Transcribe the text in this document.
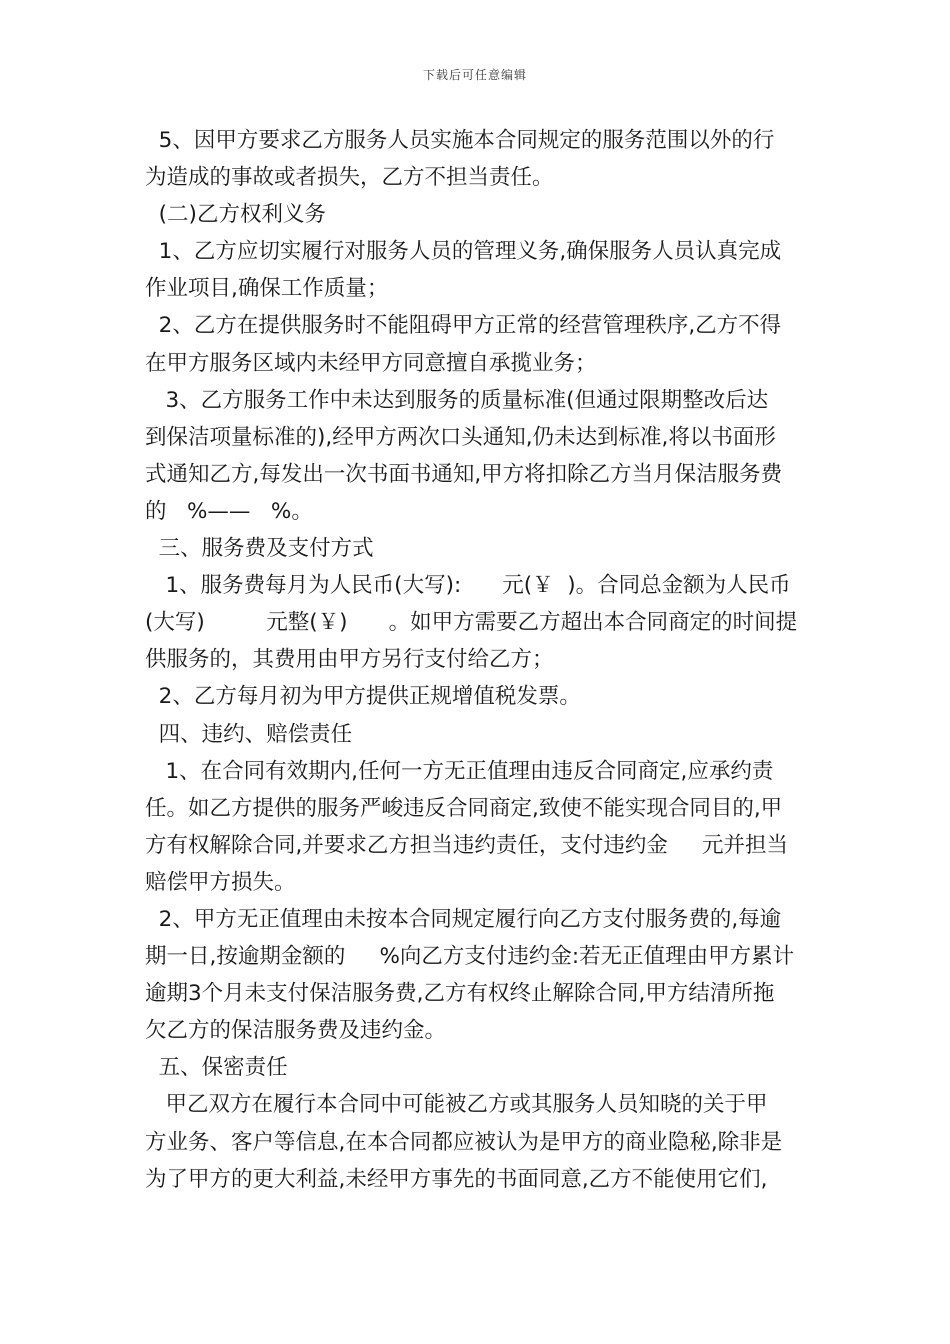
下载后可任意编辑
5、因甲方要求乙方服务人员实施本合同规定的服务范围以外的行
为造成的事故或者损失，乙方不担当责任。
(二)乙方权利义务
1、乙方应切实履行对服务人员的管理义务,确保服务人员认真完成
作业项目,确保工作质量；
2、乙方在提供服务时不能阻碍甲方正常的经营管理秩序,乙方不得
在甲方服务区域内未经甲方同意擅自承揽业务；
3、乙方服务工作中未达到服务的质量标准(但通过限期整改后达
到保洁项量标准的),经甲方两次口头通知,仍未达到标准,将以书面形
式通知乙方,每发出一次书面书通知,甲方将扣除乙方当月保洁服务费
的   %——   %。
三、服务费及支付方式
1、服务费每月为人民币(大写):      元(￥  )。合同总金额为人民币
(大写)         元整(￥)      。如甲方需要乙方超出本合同商定的时间提
供服务的，其费用由甲方另行支付给乙方；
2、乙方每月初为甲方提供正规增值税发票。
四、违约、赔偿责任
1、在合同有效期内,任何一方无正值理由违反合同商定,应承约责
任。如乙方提供的服务严峻违反合同商定,致使不能实现合同目的,甲
方有权解除合同,并要求乙方担当违约责任，支付违约金     元并担当
赔偿甲方损失。
2、甲方无正值理由未按本合同规定履行向乙方支付服务费的,每逾
期一日,按逾期金额的     %向乙方支付违约金:若无正值理由甲方累计
逾期3个月未支付保洁服务费,乙方有权终止解除合同,甲方结清所拖
欠乙方的保洁服务费及违约金。
五、保密责任
甲乙双方在履行本合同中可能被乙方或其服务人员知晓的关于甲
方业务、客户等信息,在本合同都应被认为是甲方的商业隐秘,除非是
为了甲方的更大利益,未经甲方事先的书面同意,乙方不能使用它们,
